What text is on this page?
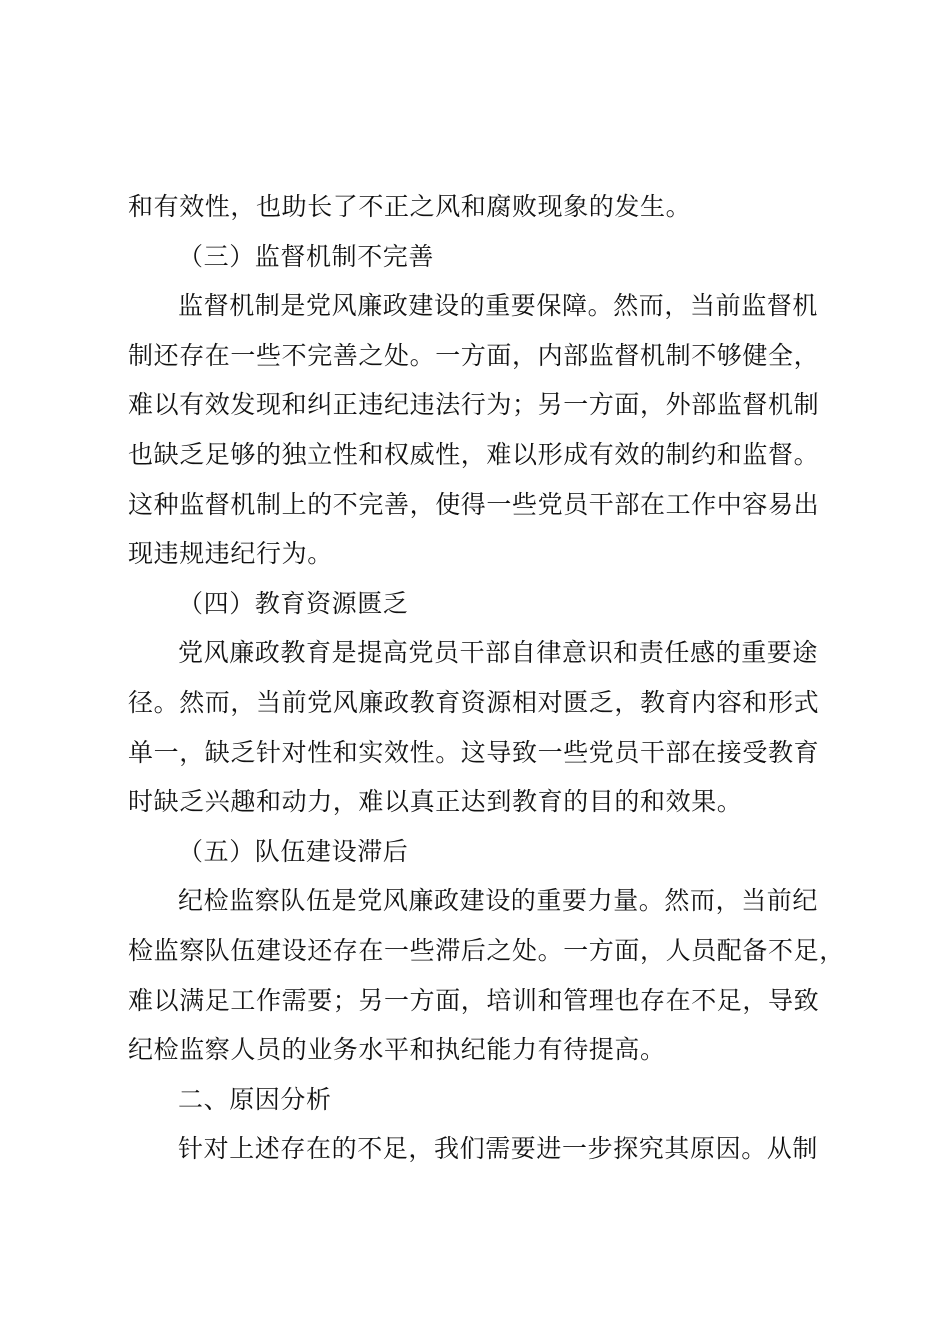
和有效性，也助长了不正之风和腐败现象的发生。
（三）监督机制不完善
监督机制是党风廉政建设的重要保障。然而，当前监督机
制还存在一些不完善之处。一方面，内部监督机制不够健全，
难以有效发现和纠正违纪违法行为；另一方面，外部监督机制
也缺乏足够的独立性和权威性，难以形成有效的制约和监督。
这种监督机制上的不完善，使得一些党员干部在工作中容易出
现违规违纪行为。
（四）教育资源匮乏
党风廉政教育是提高党员干部自律意识和责任感的重要途
径。然而，当前党风廉政教育资源相对匮乏，教育内容和形式
单一，缺乏针对性和实效性。这导致一些党员干部在接受教育
时缺乏兴趣和动力，难以真正达到教育的目的和效果。
（五）队伍建设滞后
纪检监察队伍是党风廉政建设的重要力量。然而，当前纪
检监察队伍建设还存在一些滞后之处。一方面，人员配备不足，
难以满足工作需要；另一方面，培训和管理也存在不足，导致
纪检监察人员的业务水平和执纪能力有待提高。
二、原因分析
针对上述存在的不足，我们需要进一步探究其原因。从制
